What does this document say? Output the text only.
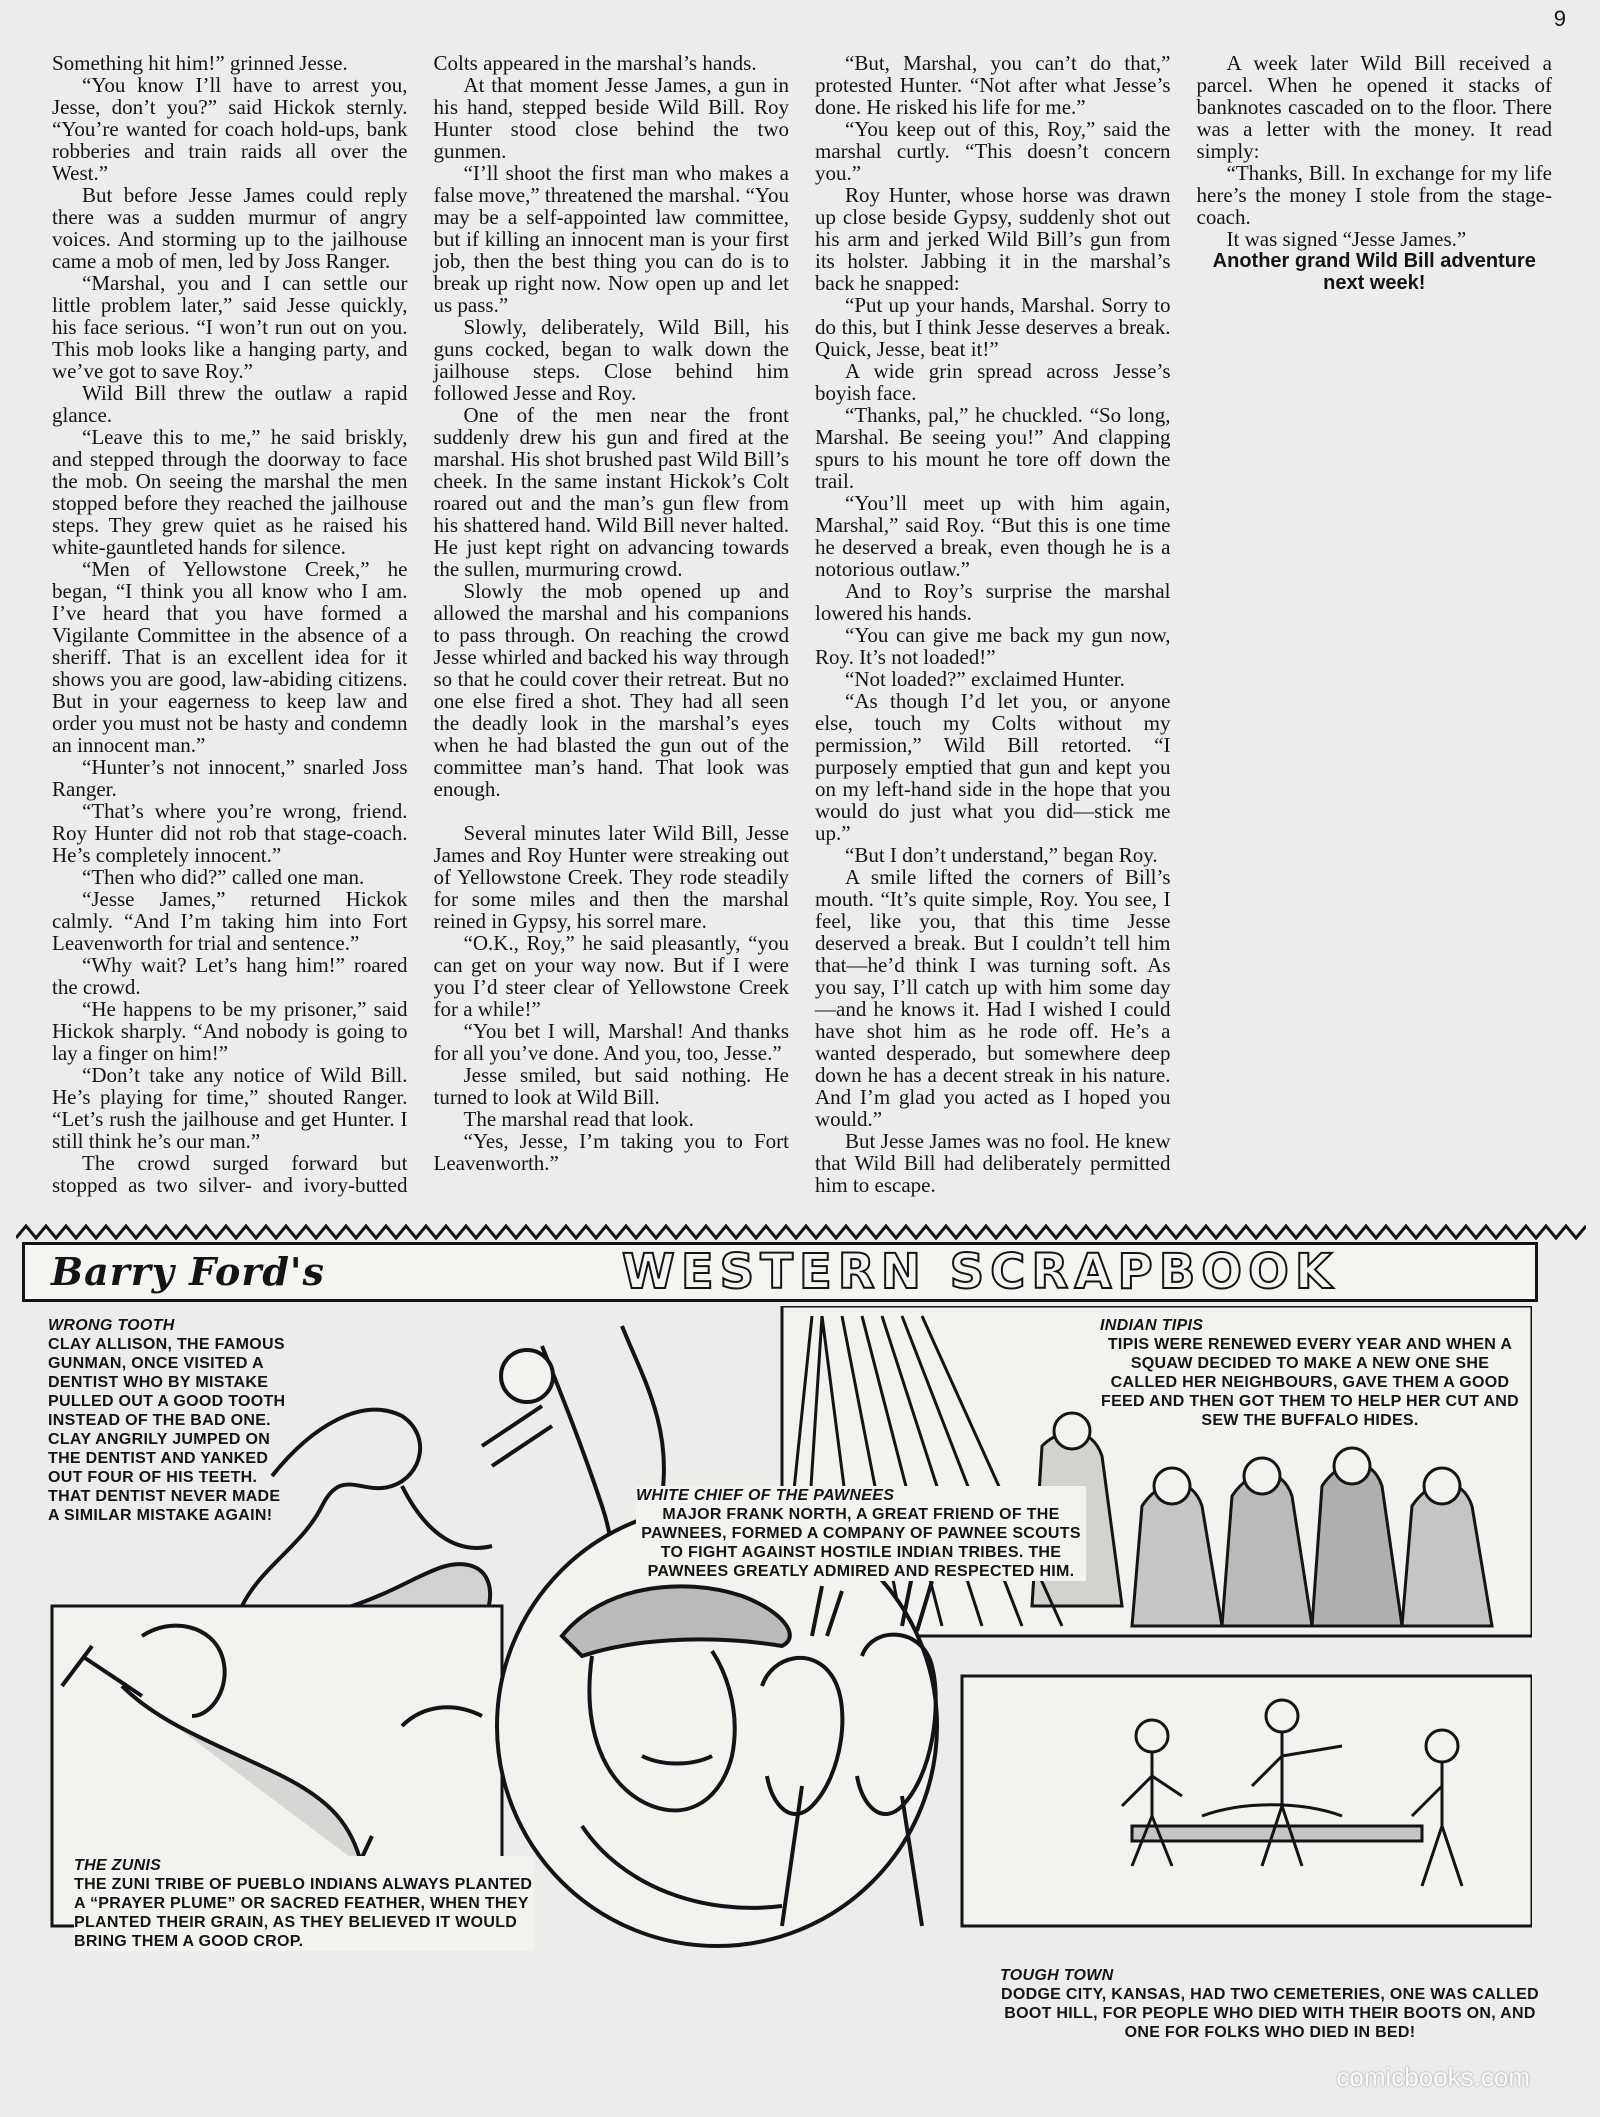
9

Something hit him!” grinned Jesse.

“You know I’ll have to arrest you, Jesse, don’t you?” said Hickok sternly. “You’re wanted for coach hold-ups, bank robberies and train raids all over the West.”

But before Jesse James could reply there was a sudden murmur of angry voices. And storming up to the jailhouse came a mob of men, led by Joss Ranger.

“Marshal, you and I can settle our little problem later,” said Jesse quickly, his face serious. “I won’t run out on you. This mob looks like a hanging party, and we’ve got to save Roy.”

Wild Bill threw the outlaw a rapid glance.

“Leave this to me,” he said briskly, and stepped through the doorway to face the mob. On seeing the marshal the men stopped before they reached the jailhouse steps. They grew quiet as he raised his white-gauntleted hands for silence.

“Men of Yellowstone Creek,” he began, “I think you all know who I am. I’ve heard that you have formed a Vigilante Committee in the absence of a sheriff. That is an excellent idea for it shows you are good, law-abiding citizens. But in your eagerness to keep law and order you must not be hasty and condemn an innocent man.”

“Hunter’s not innocent,” snarled Joss Ranger.

“That’s where you’re wrong, friend. Roy Hunter did not rob that stage-coach. He’s completely innocent.”

“Then who did?” called one man.

“Jesse James,” returned Hickok calmly. “And I’m taking him into Fort Leavenworth for trial and sentence.”

“Why wait? Let’s hang him!” roared the crowd.

“He happens to be my prisoner,” said Hickok sharply. “And nobody is going to lay a finger on him!”

“Don’t take any notice of Wild Bill. He’s playing for time,” shouted Ranger. “Let’s rush the jailhouse and get Hunter. I still think he’s our man.”

The crowd surged forward but stopped as two silver- and ivory-butted Colts appeared in the marshal’s hands.

At that moment Jesse James, a gun in his hand, stepped beside Wild Bill. Roy Hunter stood close behind the two gunmen.

“I’ll shoot the first man who makes a false move,” threatened the marshal. “You may be a self-appointed law committee, but if killing an innocent man is your first job, then the best thing you can do is to break up right now. Now open up and let us pass.”

Slowly, deliberately, Wild Bill, his guns cocked, began to walk down the jailhouse steps. Close behind him followed Jesse and Roy.

One of the men near the front suddenly drew his gun and fired at the marshal. His shot brushed past Wild Bill’s cheek. In the same instant Hickok’s Colt roared out and the man’s gun flew from his shattered hand. Wild Bill never halted. He just kept right on advancing towards the sullen, murmuring crowd.

Slowly the mob opened up and allowed the marshal and his companions to pass through. On reaching the crowd Jesse whirled and backed his way through so that he could cover their retreat. But no one else fired a shot. They had all seen the deadly look in the marshal’s eyes when he had blasted the gun out of the committee man’s hand. That look was enough.

Several minutes later Wild Bill, Jesse James and Roy Hunter were streaking out of Yellowstone Creek. They rode steadily for some miles and then the marshal reined in Gypsy, his sorrel mare.

“O.K., Roy,” he said pleasantly, “you can get on your way now. But if I were you I’d steer clear of Yellowstone Creek for a while!”

“You bet I will, Marshal! And thanks for all you’ve done. And you, too, Jesse.”

Jesse smiled, but said nothing. He turned to look at Wild Bill.

The marshal read that look.

“Yes, Jesse, I’m taking you to Fort Leavenworth.”

“But, Marshal, you can’t do that,” protested Hunter. “Not after what Jesse’s done. He risked his life for me.”

“You keep out of this, Roy,” said the marshal curtly. “This doesn’t concern you.”

Roy Hunter, whose horse was drawn up close beside Gypsy, suddenly shot out his arm and jerked Wild Bill’s gun from its holster. Jabbing it in the marshal’s back he snapped:

“Put up your hands, Marshal. Sorry to do this, but I think Jesse deserves a break. Quick, Jesse, beat it!”

A wide grin spread across Jesse’s boyish face.

“Thanks, pal,” he chuckled. “So long, Marshal. Be seeing you!” And clapping spurs to his mount he tore off down the trail.

“You’ll meet up with him again, Marshal,” said Roy. “But this is one time he deserved a break, even though he is a notorious outlaw.”

And to Roy’s surprise the marshal lowered his hands.

“You can give me back my gun now, Roy. It’s not loaded!”

“Not loaded?” exclaimed Hunter.

“As though I’d let you, or anyone else, touch my Colts without my permission,” Wild Bill retorted. “I purposely emptied that gun and kept you on my left-hand side in the hope that you would do just what you did—stick me up.”

“But I don’t understand,” began Roy.

A smile lifted the corners of Bill’s mouth. “It’s quite simple, Roy. You see, I feel, like you, that this time Jesse deserved a break. But I couldn’t tell him that—he’d think I was turning soft. As you say, I’ll catch up with him some day—and he knows it. Had I wished I could have shot him as he rode off. He’s a wanted desperado, but somewhere deep down he has a decent streak in his nature. And I’m glad you acted as I hoped you would.”

But Jesse James was no fool. He knew that Wild Bill had deliberately permitted him to escape.

A week later Wild Bill received a parcel. When he opened it stacks of banknotes cascaded on to the floor. There was a letter with the money. It read simply:

“Thanks, Bill. In exchange for my life here’s the money I stole from the stage-coach.

It was signed “Jesse James.”

Another grand Wild Bill adventure next week!

Barry Ford's	WESTERN SCRAPBOOK
WRONG TOOTH
CLAY ALLISON, THE FAMOUS GUNMAN, ONCE VISITED A DENTIST WHO BY MISTAKE PULLED OUT A GOOD TOOTH INSTEAD OF THE BAD ONE. CLAY ANGRILY JUMPED ON THE DENTIST AND YANKED OUT FOUR OF HIS TEETH. THAT DENTIST NEVER MADE A SIMILAR MISTAKE AGAIN!
INDIAN TIPIS
TIPIS WERE RENEWED EVERY YEAR AND WHEN A SQUAW DECIDED TO MAKE A NEW ONE SHE CALLED HER NEIGHBOURS, GAVE THEM A GOOD FEED AND THEN GOT THEM TO HELP HER CUT AND SEW THE BUFFALO HIDES.
WHITE CHIEF OF THE PAWNEES
MAJOR FRANK NORTH, A GREAT FRIEND OF THE PAWNEES, FORMED A COMPANY OF PAWNEE SCOUTS TO FIGHT AGAINST HOSTILE INDIAN TRIBES. THE PAWNEES GREATLY ADMIRED AND RESPECTED HIM.
THE ZUNIS
THE ZUNI TRIBE OF PUEBLO INDIANS ALWAYS PLANTED A “PRAYER PLUME” OR SACRED FEATHER, WHEN THEY PLANTED THEIR GRAIN, AS THEY BELIEVED IT WOULD BRING THEM A GOOD CROP.
TOUGH TOWN
DODGE CITY, KANSAS, HAD TWO CEMETERIES, ONE WAS CALLED BOOT HILL, FOR PEOPLE WHO DIED WITH THEIR BOOTS ON, AND ONE FOR FOLKS WHO DIED IN BED!
comicbooks.com
